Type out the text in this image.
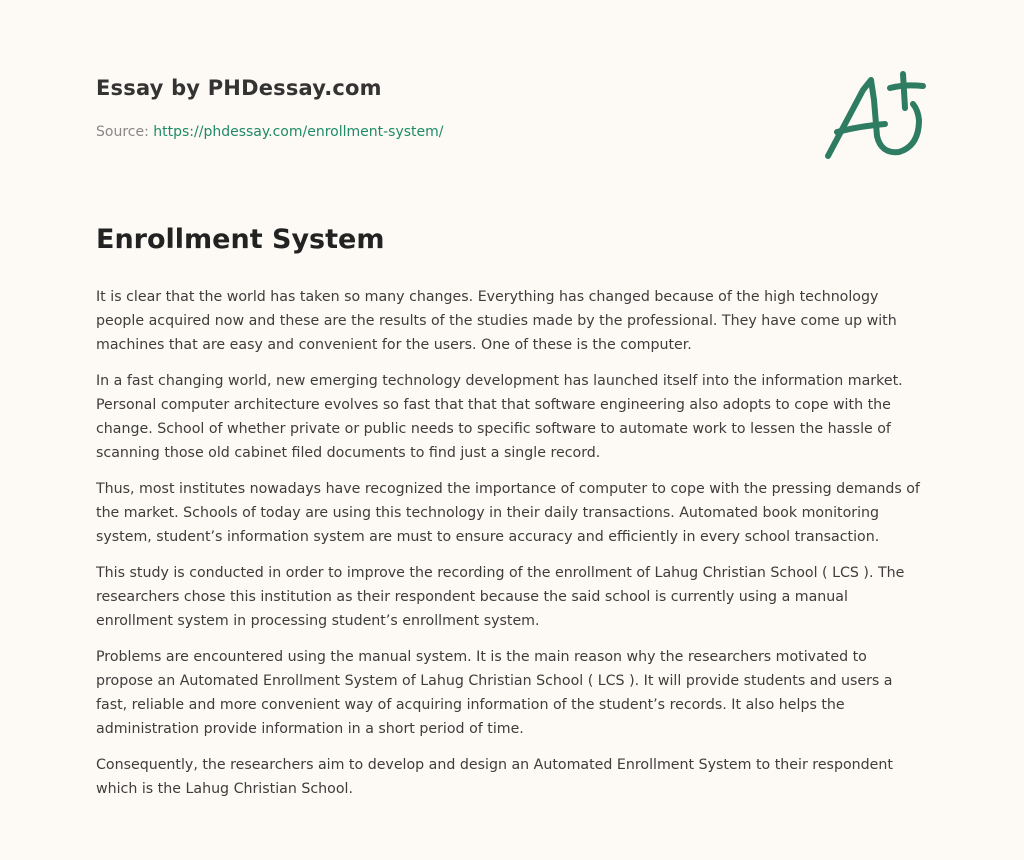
Essay by PHDessay.com
Source: https://phdessay.com/enrollment-system/
Enrollment System

It is clear that the world has taken so many changes. Everything has changed because of the high technology people acquired now and these are the results of the studies made by the professional. They have come up with machines that are easy and convenient for the users. One of these is the computer.

In a fast changing world, new emerging technology development has launched itself into the information market. Personal computer architecture evolves so fast that that that software engineering also adopts to cope with the change. School of whether private or public needs to specific software to automate work to lessen the hassle of scanning those old cabinet filed documents to find just a single record.

Thus, most institutes nowadays have recognized the importance of computer to cope with the pressing demands of the market. Schools of today are using this technology in their daily transactions. Automated book monitoring system, student’s information system are must to ensure accuracy and efficiently in every school transaction.

This study is conducted in order to improve the recording of the enrollment of Lahug Christian School ( LCS ). The researchers chose this institution as their respondent because the said school is currently using a manual enrollment system in processing student’s enrollment system.

Problems are encountered using the manual system. It is the main reason why the researchers motivated to propose an Automated Enrollment System of Lahug Christian School ( LCS ). It will provide students and users a fast, reliable and more convenient way of acquiring information of the student’s records. It also helps the administration provide information in a short period of time.

Consequently, the researchers aim to develop and design an Automated Enrollment System to their respondent which is the Lahug Christian School.
